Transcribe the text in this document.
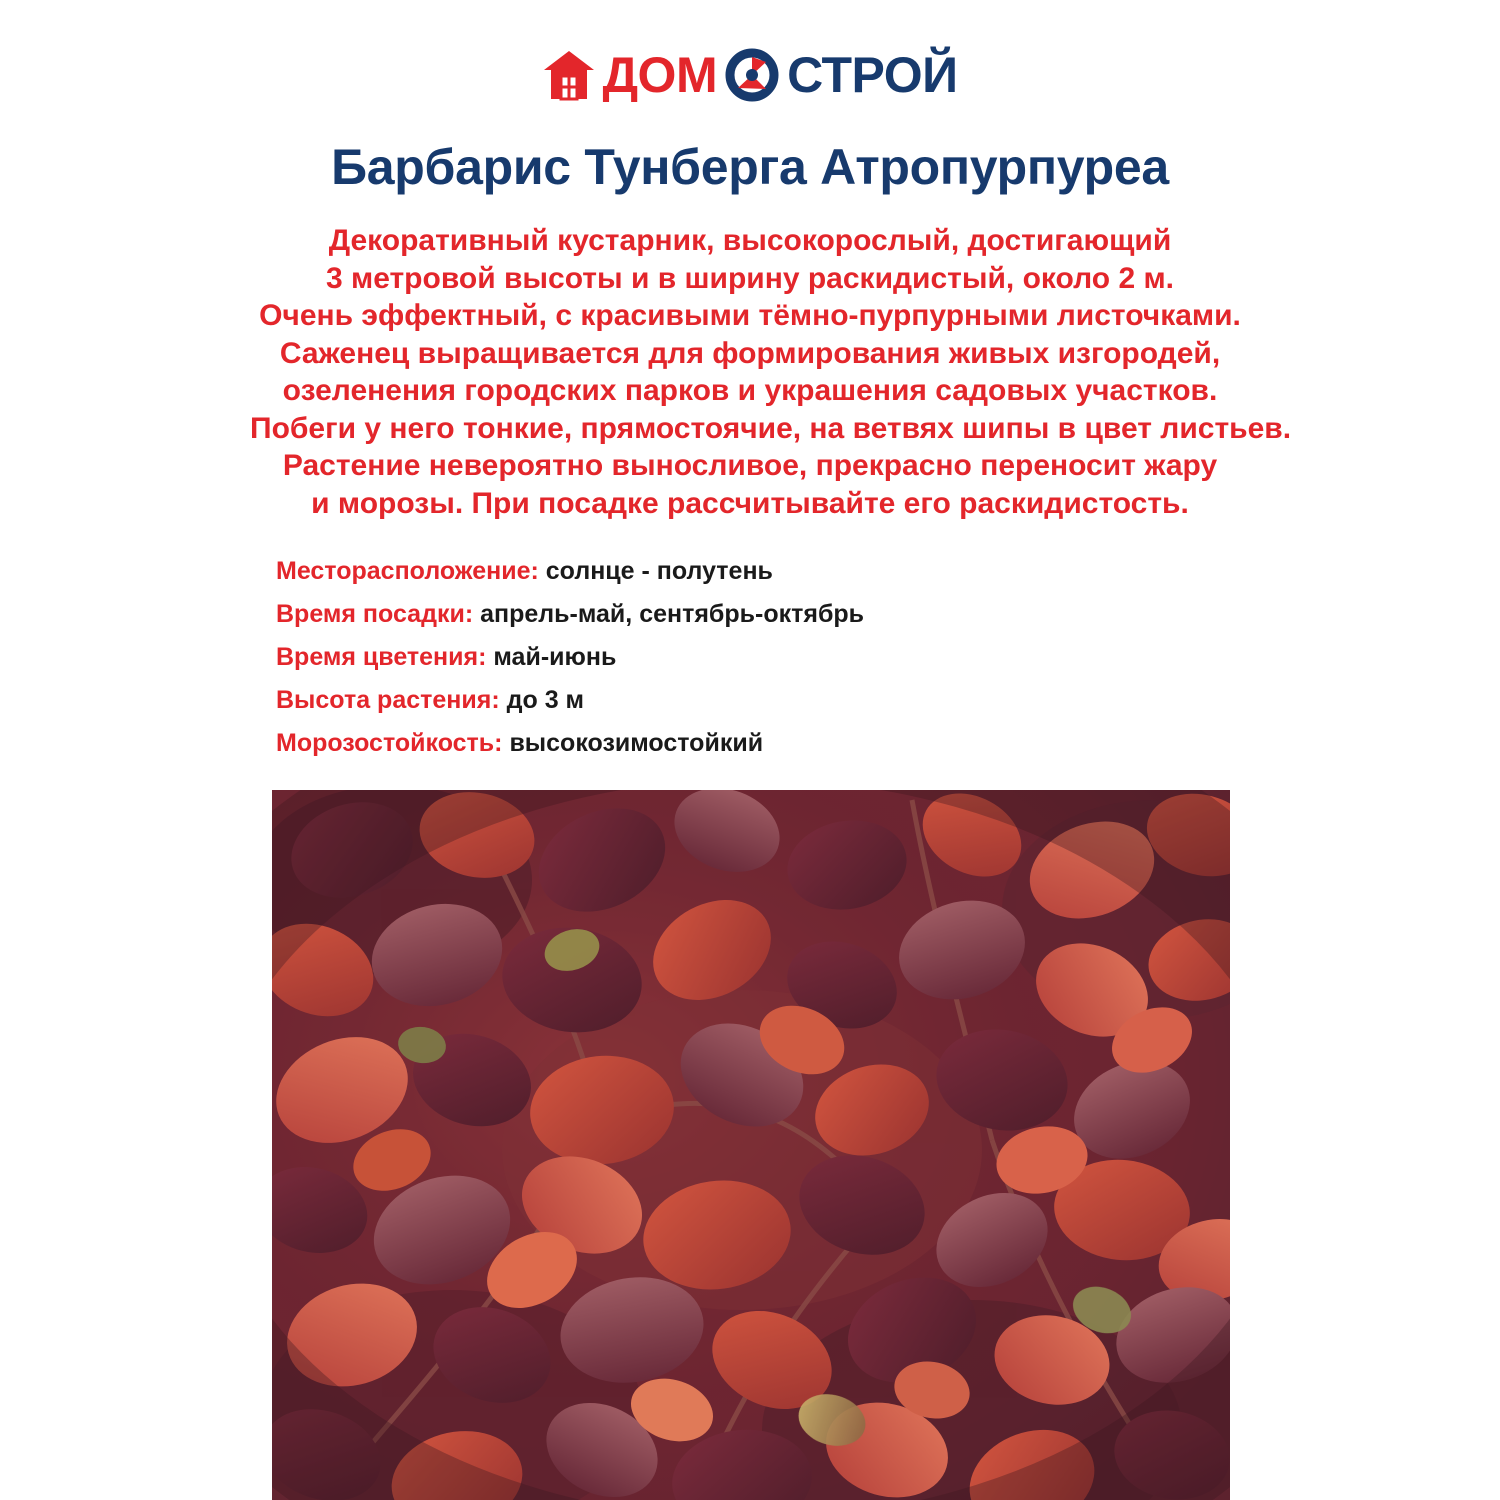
ДОМ СТРОЙ
Барбарис Тунберга Атропурпуреа
Декоративный кустарник, высокорослый, достигающий
3 метровой высоты и в ширину раскидистый, около 2 м.
Очень эффектный, с красивыми тёмно-пурпурными листочками.
Саженец выращивается для формирования живых изгородей,
озеленения городских парков и украшения садовых участков.
Побеги у него тонкие, прямостоячие, на ветвях шипы в цвет листьев.
Растение невероятно выносливое, прекрасно переносит жару
и морозы. При посадке рассчитывайте его раскидистость.
Месторасположение: солнце - полутень
Время посадки: апрель-май, сентябрь-октябрь
Время цветения: май-июнь
Высота растения: до 3 м
Морозостойкость: высокозимостойкий
